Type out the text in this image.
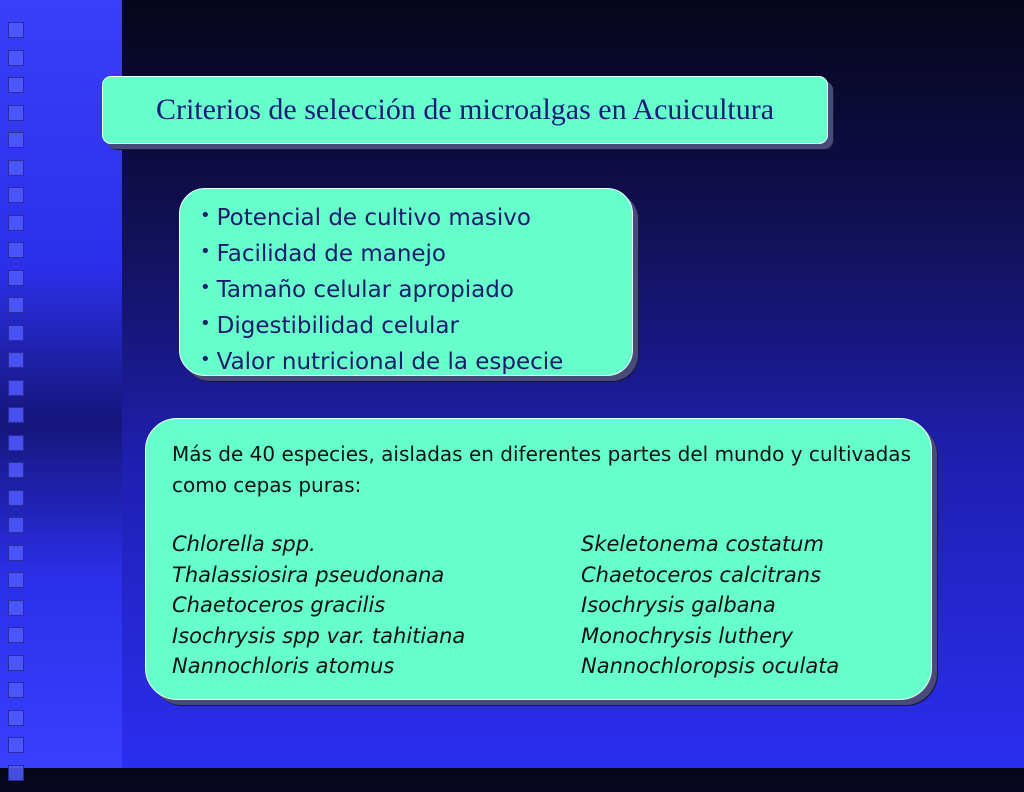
Criterios de selección de microalgas en Acuicultura
• Potencial de cultivo masivo
• Facilidad de manejo
• Tamaño celular apropiado
• Digestibilidad celular
• Valor nutricional de la especie

Más de 40 especies, aisladas en diferentes partes del mundo y cultivadas como cepas puras:

Chlorella spp.
Thalassiosira pseudonana
Chaetoceros gracilis
Isochrysis spp var. tahitiana
Nannochloris atomus
Skeletonema costatum
Chaetoceros calcitrans
Isochrysis galbana
Monochrysis luthery
Nannochloropsis oculata
